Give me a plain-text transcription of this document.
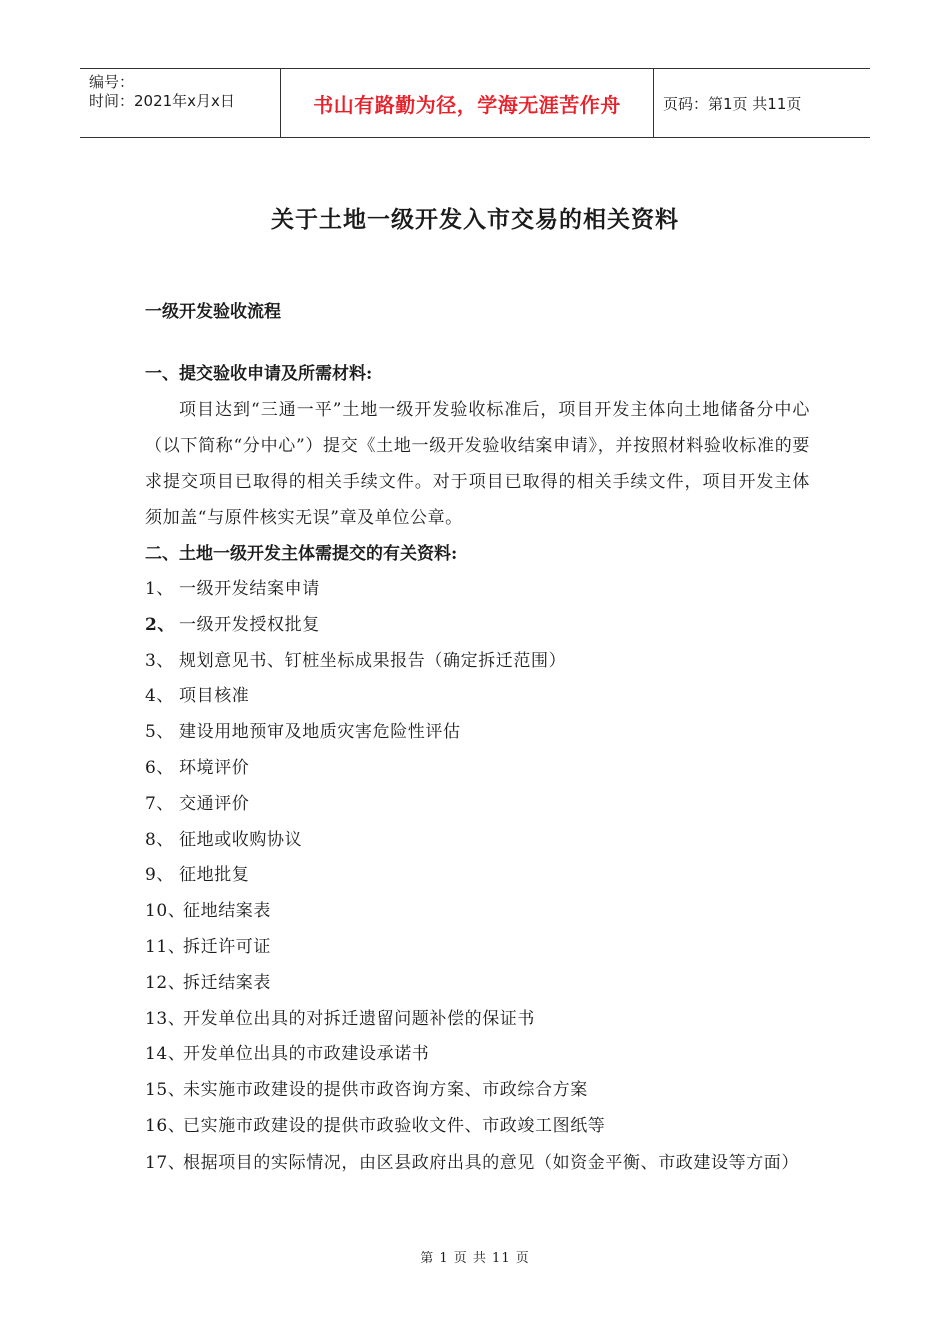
编号：
时间：2021年x月x日	书山有路勤为径，学海无涯苦作舟	页码：第1页 共11页
关于土地一级开发入市交易的相关资料
一级开发验收流程
一、提交验收申请及所需材料:
项目达到“三通一平”土地一级开发验收标准后，项目开发主体向土地储备分中心（以下简称“分中心”）提交《土地一级开发验收结案申请》，并按照材料验收标准的要求提交项目已取得的相关手续文件。对于项目已取得的相关手续文件，项目开发主体须加盖“与原件核实无误”章及单位公章。
二、土地一级开发主体需提交的有关资料:
1、 一级开发结案申请
2、 一级开发授权批复
3、 规划意见书、钉桩坐标成果报告（确定拆迁范围）
4、 项目核准
5、 建设用地预审及地质灾害危险性评估
6、 环境评价
7、 交通评价
8、 征地或收购协议
9、 征地批复
10、征地结案表
11、拆迁许可证
12、拆迁结案表
13、开发单位出具的对拆迁遗留问题补偿的保证书
14、开发单位出具的市政建设承诺书
15、未实施市政建设的提供市政咨询方案、市政综合方案
16、已实施市政建设的提供市政验收文件、市政竣工图纸等
17、根据项目的实际情况，由区县政府出具的意见（如资金平衡、市政建设等方面）
第 1 页 共 11 页
